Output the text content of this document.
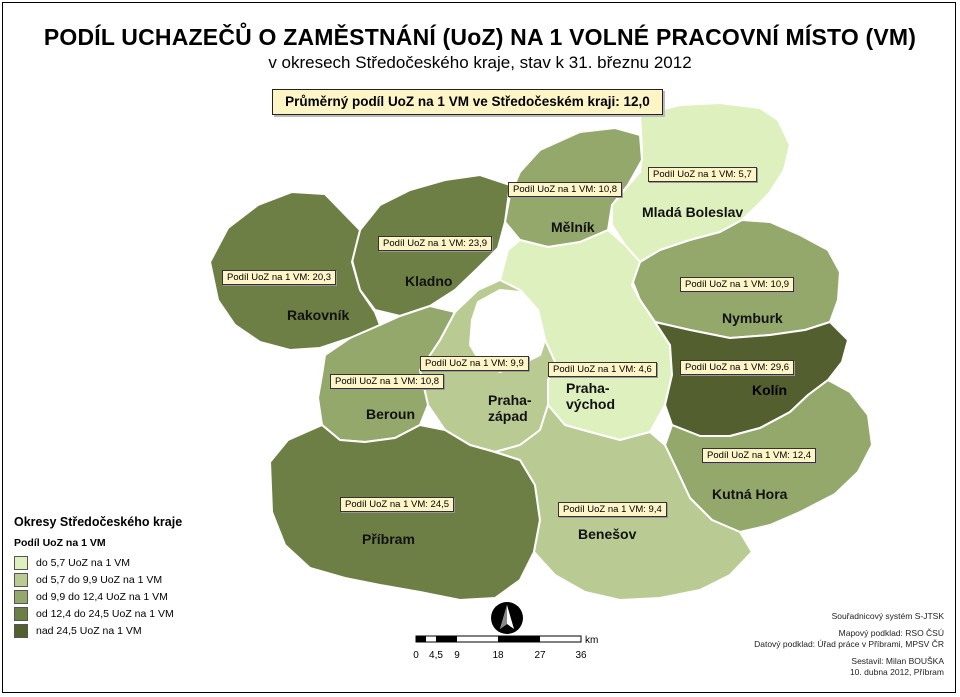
PODÍL UCHAZEČŮ O ZAMĚSTNÁNÍ (UoZ) NA 1 VOLNÉ PRACOVNÍ MÍSTO (VM)
v okresech Středočeského kraje, stav k 31. březnu 2012
Průměrný podíl UoZ na 1 VM ve Středočeském kraji: 12,0
Podíl UoZ na 1 VM: 5,7
Podíl UoZ na 1 VM: 10,8
Podíl UoZ na 1 VM: 23,9
Podíl UoZ na 1 VM: 20,3
Podíl UoZ na 1 VM: 10,9
Podíl UoZ na 1 VM: 29,6
Podíl UoZ na 1 VM: 9,9
Podíl UoZ na 1 VM: 4,6
Podíl UoZ na 1 VM: 10,8
Podíl UoZ na 1 VM: 12,4
Podíl UoZ na 1 VM: 24,5	Podíl UoZ na 1 VM: 9,4
Mladá Boleslav
Mělník
Kladno
Rakovník	Nymburk
Kolín
Praha-
západ
Praha-
východ
Beroun
Kutná Hora
Příbram	Benešov
Okresy Středočeského kraje
Podíl UoZ na 1 VM
do 5,7 UoZ na 1 VM
od 5,7 do 9,9 UoZ na 1 VM
od 9,9 do 12,4 UoZ na 1 VM
od 12,4 do 24,5 UoZ na 1 VM
nad 24,5 UoZ na 1 VM
km
0 4,5 9	18	27	36
Souřadnicový systém S-JTSK
Mapový podklad: RSO ČSÚ
Datový podklad: Úřad práce v Příbrami, MPSV ČR
Sestavil: Milan BOUŠKA
10. dubna 2012, Příbram
